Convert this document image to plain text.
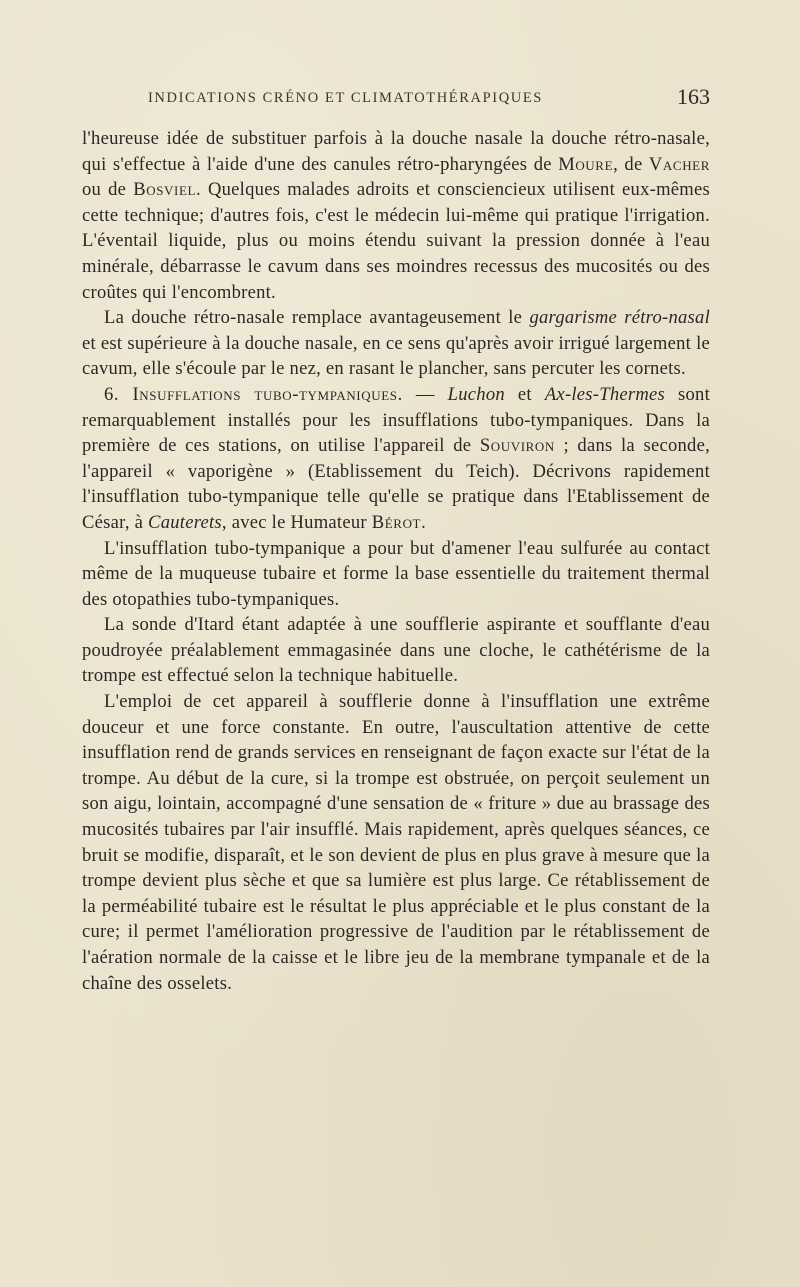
INDICATIONS CRÉNO ET CLIMATOTHÉRAPIQUES	163

l'heureuse idée de substituer parfois à la douche nasale la douche rétro-nasale, qui s'effectue à l'aide d'une des canules rétro-pharyngées de Moure, de Vacher ou de Bosviel. Quelques malades adroits et consciencieux utilisent eux-mêmes cette technique; d'autres fois, c'est le médecin lui-même qui pratique l'irrigation. L'éventail liquide, plus ou moins étendu suivant la pression donnée à l'eau minérale, débarrasse le cavum dans ses moindres recessus des mucosités ou des croûtes qui l'encombrent.

La douche rétro-nasale remplace avantageusement le gargarisme rétro-nasal et est supérieure à la douche nasale, en ce sens qu'après avoir irrigué largement le cavum, elle s'écoule par le nez, en rasant le plancher, sans percuter les cornets.

6. Insufflations tubo-tympaniques. — Luchon et Ax-les-Thermes sont remarquablement installés pour les insufflations tubo-tympaniques. Dans la première de ces stations, on utilise l'appareil de Souviron ; dans la seconde, l'appareil « vaporigène » (Etablissement du Teich). Décrivons rapidement l'insufflation tubo-tympanique telle qu'elle se pratique dans l'Etablissement de César, à Cauterets, avec le Humateur Bérot.

L'insufflation tubo-tympanique a pour but d'amener l'eau sulfurée au contact même de la muqueuse tubaire et forme la base essentielle du traitement thermal des otopathies tubo-tympaniques.

La sonde d'Itard étant adaptée à une soufflerie aspirante et soufflante d'eau poudroyée préalablement emmagasinée dans une cloche, le cathétérisme de la trompe est effectué selon la technique habituelle.

L'emploi de cet appareil à soufflerie donne à l'insufflation une extrême douceur et une force constante. En outre, l'auscultation attentive de cette insufflation rend de grands services en renseignant de façon exacte sur l'état de la trompe. Au début de la cure, si la trompe est obstruée, on perçoit seulement un son aigu, lointain, accompagné d'une sensation de « friture » due au brassage des mucosités tubaires par l'air insufflé. Mais rapidement, après quelques séances, ce bruit se modifie, disparaît, et le son devient de plus en plus grave à mesure que la trompe devient plus sèche et que sa lumière est plus large. Ce rétablissement de la perméabilité tubaire est le résultat le plus appréciable et le plus constant de la cure; il permet l'amélioration progressive de l'audition par le rétablissement de l'aération normale de la caisse et le libre jeu de la membrane tympanale et de la chaîne des osselets.
